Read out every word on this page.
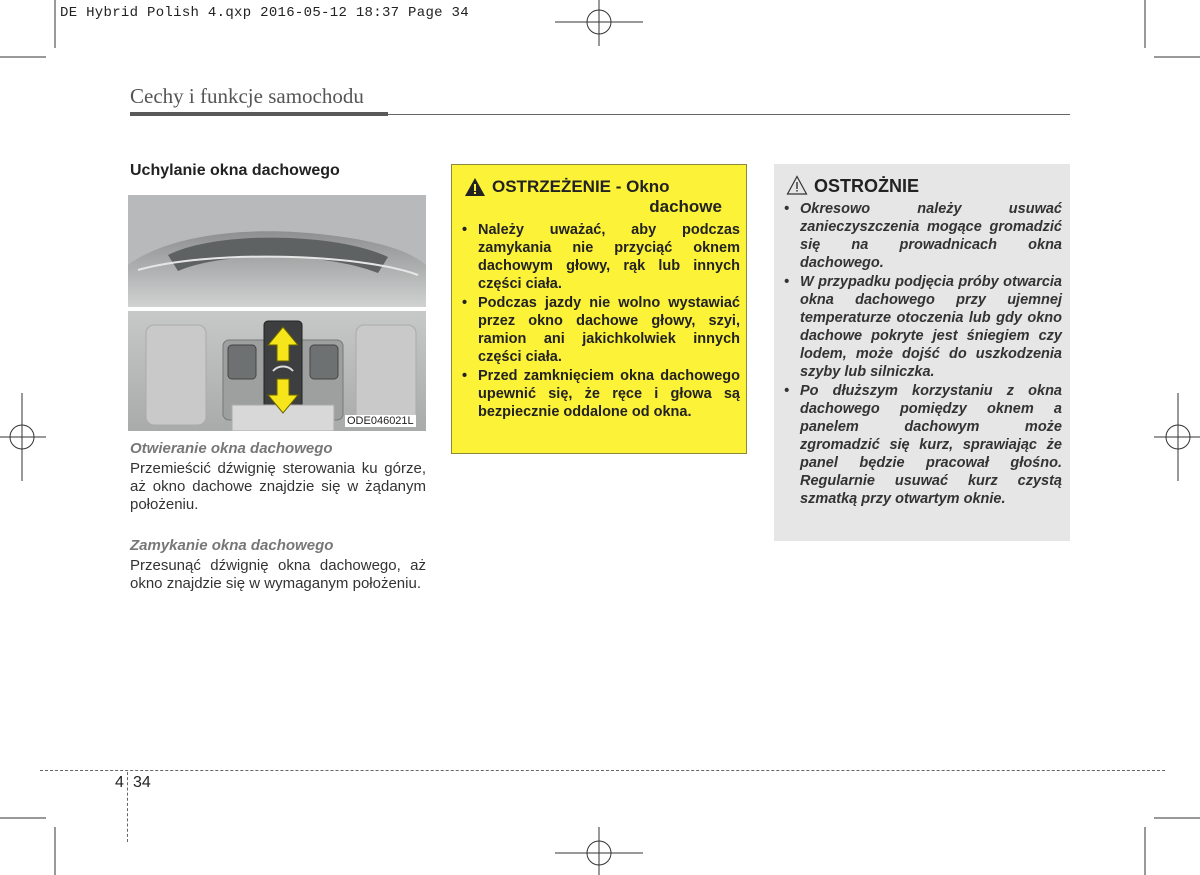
DE Hybrid Polish 4.qxp 2016-05-12 18:37 Page 34
Cechy i funkcje samochodu
Uchylanie okna dachowego
ODE046021L
Otwieranie okna dachowego
Przemieścić dźwignię sterowania ku górze, aż okno dachowe znajdzie się w żądanym położeniu.
Zamykanie okna dachowego
Przesunąć dźwignię okna dachowego, aż okno znajdzie się w wymaganym położeniu.
OSTRZEŻENIE - Okno
dachowe
• Należy uważać, aby podczas zamykania nie przyciąć oknem dachowym głowy, rąk lub innych części ciała.
• Podczas jazdy nie wolno wystawiać przez okno dachowe głowy, szyi, ramion ani jakichkolwiek innych części ciała.
• Przed zamknięciem okna dachowego upewnić się, że ręce i głowa są bezpiecznie oddalone od okna.
OSTROŻNIE
• Okresowo należy usuwać zanieczyszczenia mogące gromadzić się na prowadnicach okna dachowego.
• W przypadku podjęcia próby otwarcia okna dachowego przy ujemnej temperaturze otoczenia lub gdy okno dachowe pokryte jest śniegiem czy lodem, może dojść do uszkodzenia szyby lub silniczka.
• Po dłuższym korzystaniu z okna dachowego pomiędzy oknem a panelem dachowym może zgromadzić się kurz, sprawiając że panel będzie pracował głośno. Regularnie usuwać kurz czystą szmatką przy otwartym oknie.
4 34
